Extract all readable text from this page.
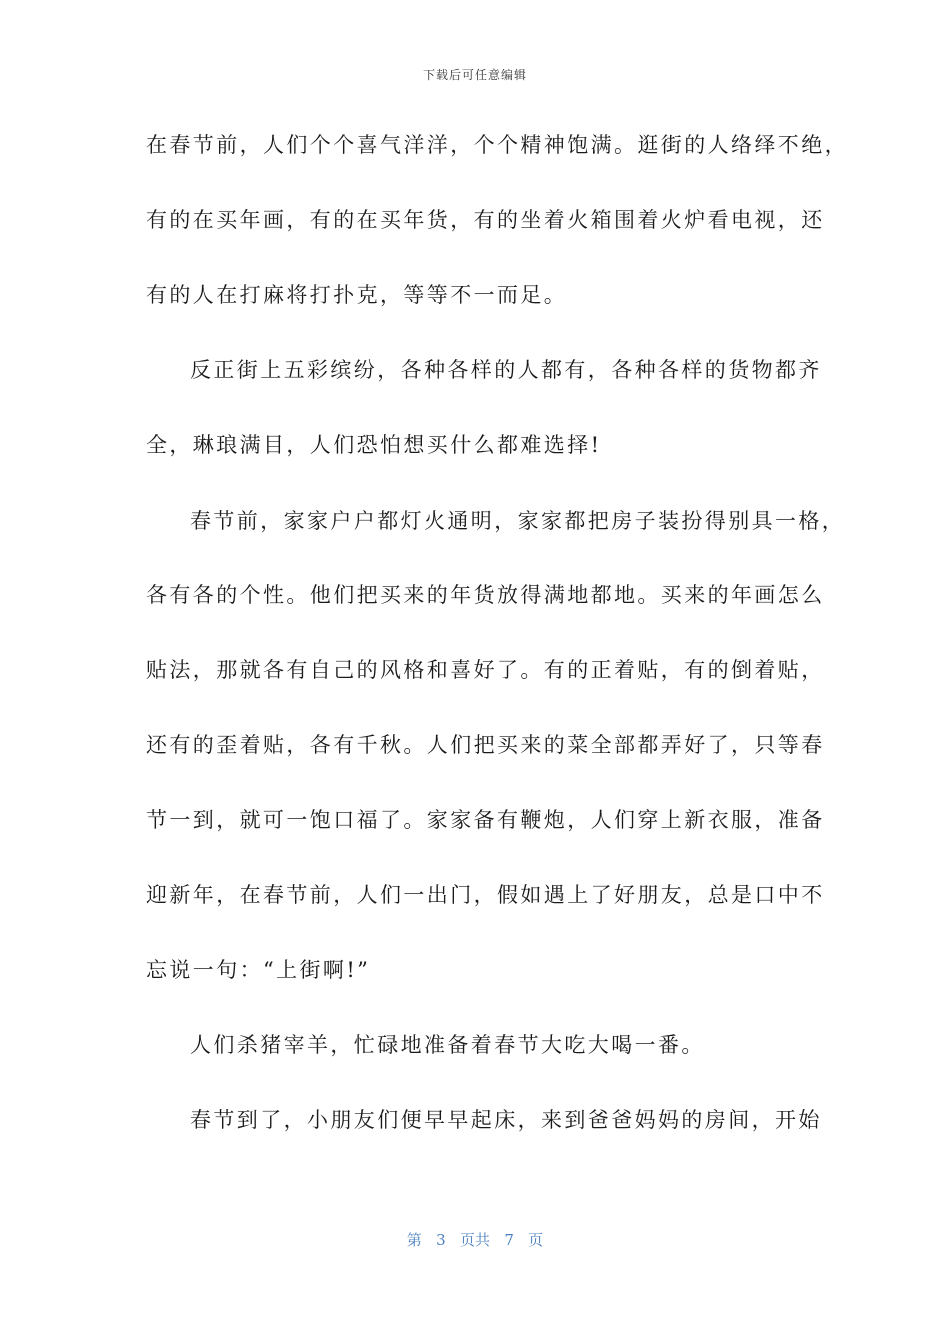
下载后可任意编辑
在春节前，人们个个喜气洋洋，个个精神饱满。逛街的人络绎不绝，
有的在买年画，有的在买年货，有的坐着火箱围着火炉看电视，还
有的人在打麻将打扑克，等等不一而足。
反正街上五彩缤纷，各种各样的人都有，各种各样的货物都齐
全，琳琅满目，人们恐怕想买什么都难选择!
春节前，家家户户都灯火通明，家家都把房子装扮得别具一格，
各有各的个性。他们把买来的年货放得满地都地。买来的年画怎么
贴法，那就各有自己的风格和喜好了。有的正着贴，有的倒着贴，
还有的歪着贴，各有千秋。人们把买来的菜全部都弄好了，只等春
节一到，就可一饱口福了。家家备有鞭炮，人们穿上新衣服，准备
迎新年，在春节前，人们一出门，假如遇上了好朋友，总是口中不
忘说一句：“上街啊!”
人们杀猪宰羊，忙碌地准备着春节大吃大喝一番。
春节到了，小朋友们便早早起床，来到爸爸妈妈的房间，开始
第 3 页共 7 页
